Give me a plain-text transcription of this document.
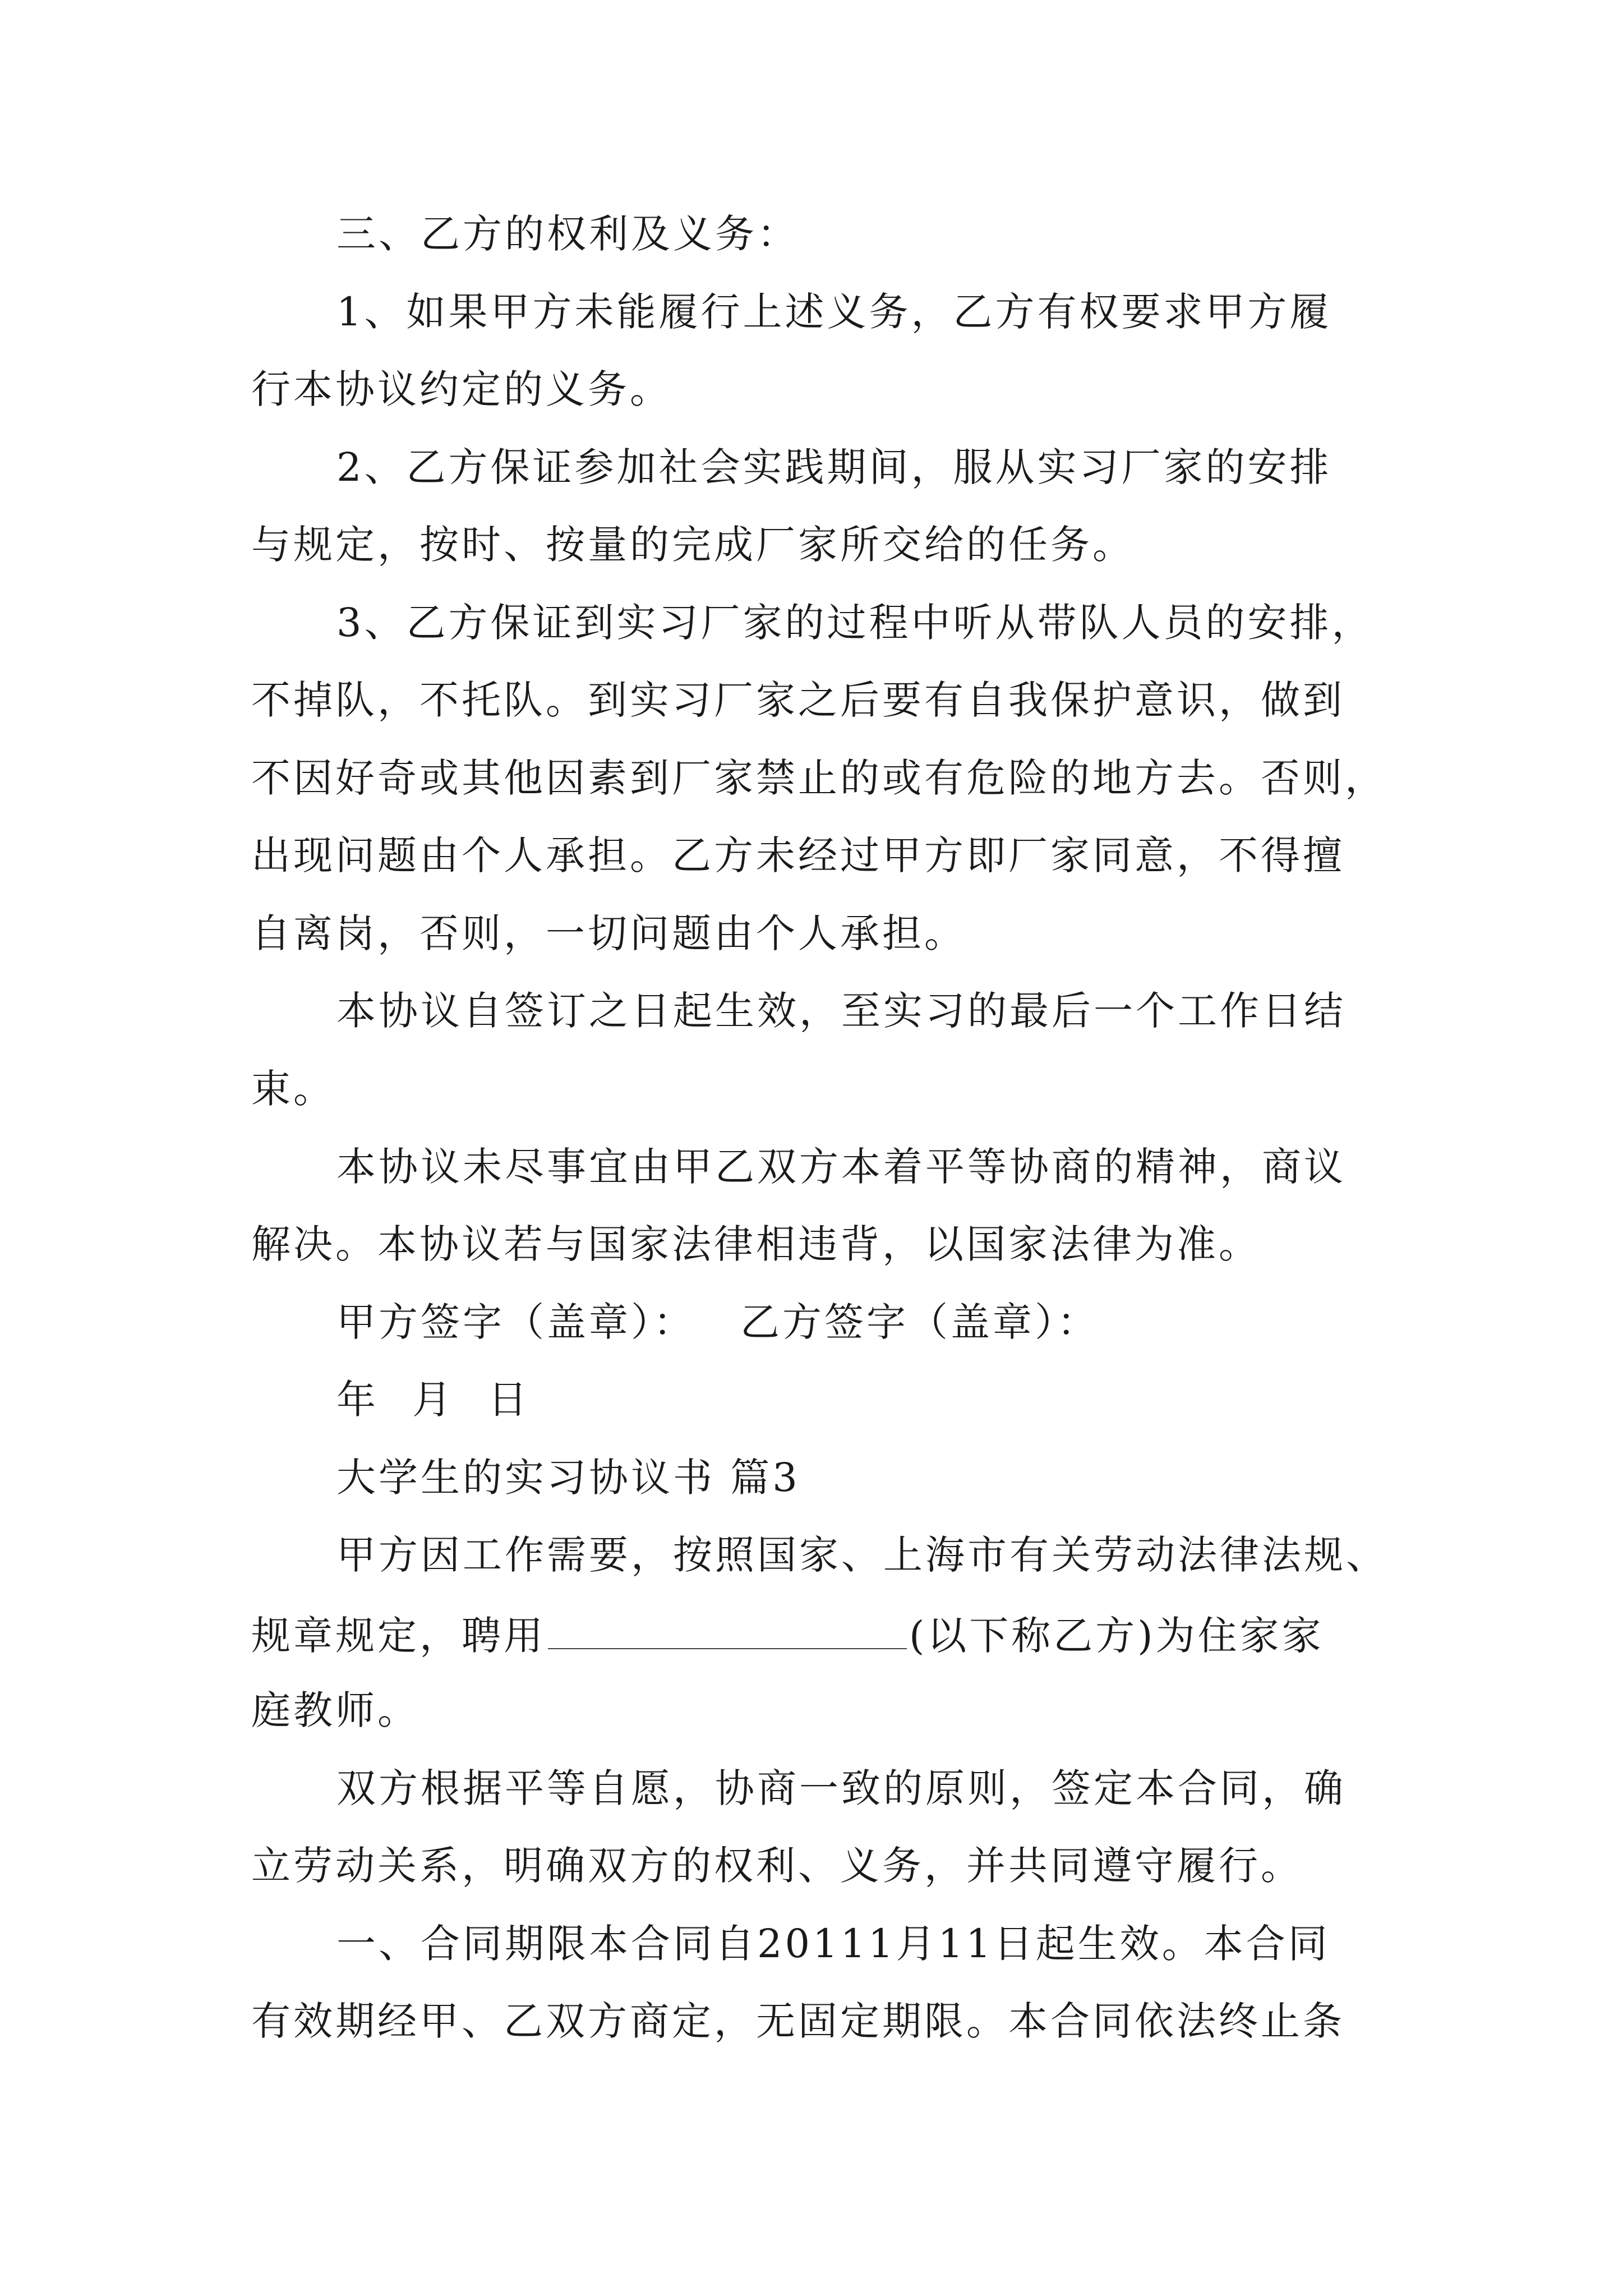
三、乙方的权利及义务：
1、如果甲方未能履行上述义务，乙方有权要求甲方履
行本协议约定的义务。
2、乙方保证参加社会实践期间，服从实习厂家的安排
与规定，按时、按量的完成厂家所交给的任务。
3、乙方保证到实习厂家的过程中听从带队人员的安排，
不掉队，不托队。到实习厂家之后要有自我保护意识，做到
不因好奇或其他因素到厂家禁止的或有危险的地方去。否则，
出现问题由个人承担。乙方未经过甲方即厂家同意，不得擅
自离岗，否则，一切问题由个人承担。
本协议自签订之日起生效，至实习的最后一个工作日结
束。
本协议未尽事宜由甲乙双方本着平等协商的精神，商议
解决。本协议若与国家法律相违背，以国家法律为准。
甲方签字（盖章）： 乙方签字（盖章）：
年 月 日
大学生的实习协议书 篇3
甲方因工作需要，按照国家、上海市有关劳动法律法规、
规章规定，聘用	(以下称乙方)为住家家
庭教师。
双方根据平等自愿，协商一致的原则，签定本合同，确
立劳动关系，明确双方的权利、义务，并共同遵守履行。
一、合同期限本合同自20111月11日起生效。本合同
有效期经甲、乙双方商定，无固定期限。本合同依法终止条
